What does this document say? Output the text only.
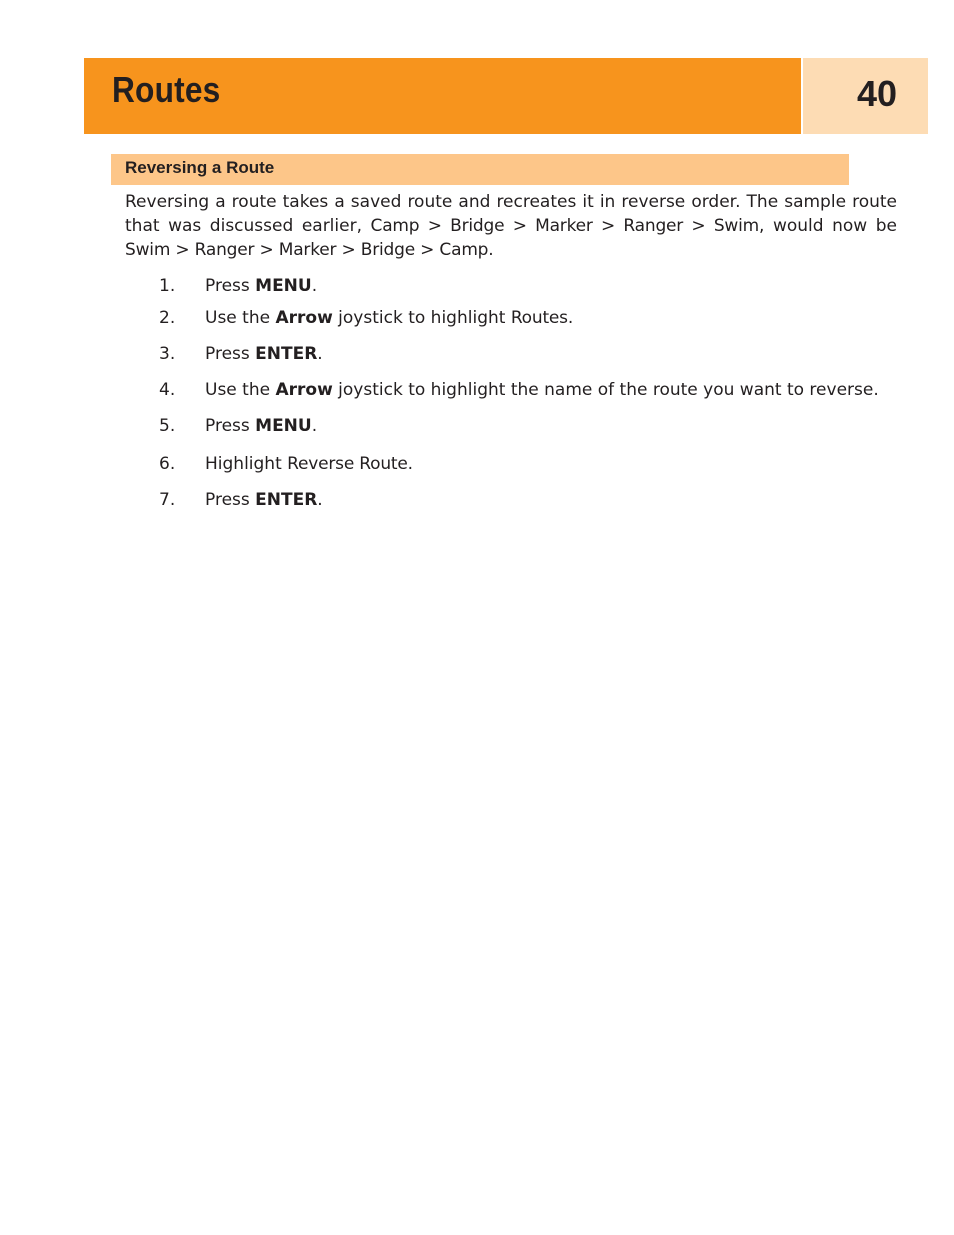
Routes	40
Reversing a Route

Reversing a route takes a saved route and recreates it in reverse order. The sample route that was discussed earlier, Camp > Bridge > Marker > Ranger > Swim, would now be Swim > Ranger > Marker > Bridge > Camp.

1.	Press MENU.
2.	Use the Arrow joystick to highlight Routes.
3.	Press ENTER.
4.	Use the Arrow joystick to highlight the name of the route you want to reverse.
5.	Press MENU.
6.	Highlight Reverse Route.
7.	Press ENTER.
